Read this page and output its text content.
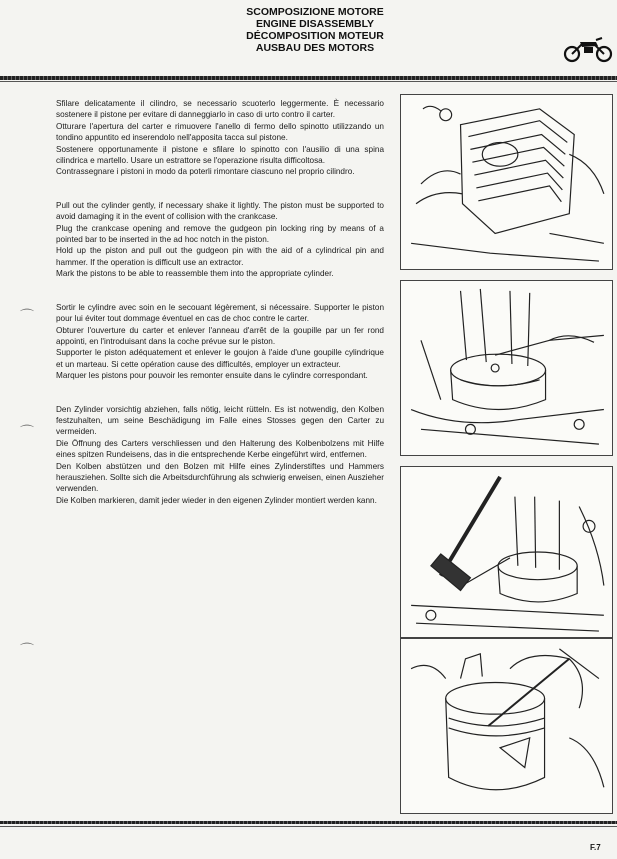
SCOMPOSIZIONE MOTORE
ENGINE DISASSEMBLY
DÉCOMPOSITION MOTEUR
AUSBAU DES MOTORS

Sfilare delicatamente il cilindro, se necessario scuoterlo leggermente. È necessario sostenere il pistone per evitare di danneggiarlo in caso di urto contro il carter.

Otturare l'apertura del carter e rimuovere l'anello di fermo dello spinotto utilizzando un tondino appuntito ed inserendolo nell'apposita tacca sul pistone.

Sostenere opportunamente il pistone e sfilare lo spinotto con l'ausilio di una spina cilindrica e martello. Usare un estrattore se l'operazione risulta difficoltosa.

Contrassegnare i pistoni in modo da poterli rimontare ciascuno nel proprio cilindro.

Pull out the cylinder gently, if necessary shake it lightly. The piston must be supported to avoid damaging it in the event of collision with the crankcase.

Plug the crankcase opening and remove the gudgeon pin locking ring by means of a pointed bar to be inserted in the ad hoc notch in the piston.

Hold up the piston and pull out the gudgeon pin with the aid of a cylindrical pin and hammer. If the operation is difficult use an extractor.

Mark the pistons to be able to reassemble them into the appropriate cylinder.

Sortir le cylindre avec soin en le secouant légèrement, si nécessaire. Supporter le piston pour lui éviter tout dommage éventuel en cas de choc contre le carter.

Obturer l'ouverture du carter et enlever l'anneau d'arrêt de la goupille par un fer rond appointi, en l'introduisant dans la coche prévue sur le piston.

Supporter le piston adéquatement et enlever le goujon à l'aide d'une goupille cylindrique et un marteau. Si cette opération cause des difficultés, employer un extracteur.

Marquer les pistons pour pouvoir les remonter ensuite dans le cylindre correspondant.

Den Zylinder vorsichtig abziehen, falls nötig, leicht rütteln. Es ist notwendig, den Kolben festzuhalten, um seine Beschädigung im Falle eines Stosses gegen den Carter zu vermeiden.

Die Öffnung des Carters verschliessen und den Halterung des Kolbenbolzens mit Hilfe eines spitzen Rundeisens, das in die entsprechende Kerbe eingeführt wird, entfernen.

Den Kolben abstützen und den Bolzen mit Hilfe eines Zylinderstiftes und Hammers herausziehen. Sollte sich die Arbeitsdurchführung als schwierig erweisen, einen Auszieher verwenden.

Die Kolben markieren, damit jeder wieder in den eigenen Zylinder montiert werden kann.

⌒
⌒
⌒
F.7
